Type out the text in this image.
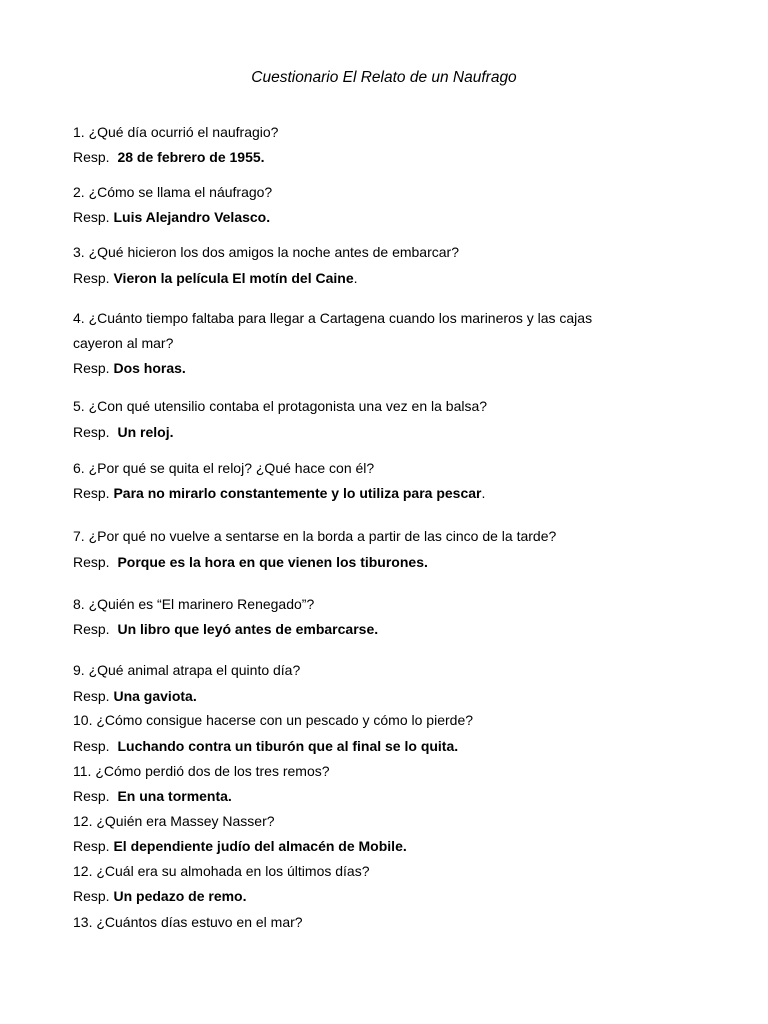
Cuestionario El Relato de un Naufrago
1. ¿Qué día ocurrió el naufragio?
Resp. 28 de febrero de 1955.
2. ¿Cómo se llama el náufrago?
Resp. Luis Alejandro Velasco.
3. ¿Qué hicieron los dos amigos la noche antes de embarcar?
Resp. Vieron la película El motín del Caine.
4. ¿Cuánto tiempo faltaba para llegar a Cartagena cuando los marineros y las cajas
cayeron al mar?
Resp. Dos horas.
5. ¿Con qué utensilio contaba el protagonista una vez en la balsa?
Resp. Un reloj.
6. ¿Por qué se quita el reloj? ¿Qué hace con él?
Resp. Para no mirarlo constantemente y lo utiliza para pescar.
7. ¿Por qué no vuelve a sentarse en la borda a partir de las cinco de la tarde?
Resp. Porque es la hora en que vienen los tiburones.
8. ¿Quién es “El marinero Renegado”?
Resp. Un libro que leyó antes de embarcarse.
9. ¿Qué animal atrapa el quinto día?
Resp. Una gaviota.
10. ¿Cómo consigue hacerse con un pescado y cómo lo pierde?
Resp. Luchando contra un tiburón que al final se lo quita.
11. ¿Cómo perdió dos de los tres remos?
Resp. En una tormenta.
12. ¿Quién era Massey Nasser?
Resp. El dependiente judío del almacén de Mobile.
12. ¿Cuál era su almohada en los últimos días?
Resp. Un pedazo de remo.
13. ¿Cuántos días estuvo en el mar?
